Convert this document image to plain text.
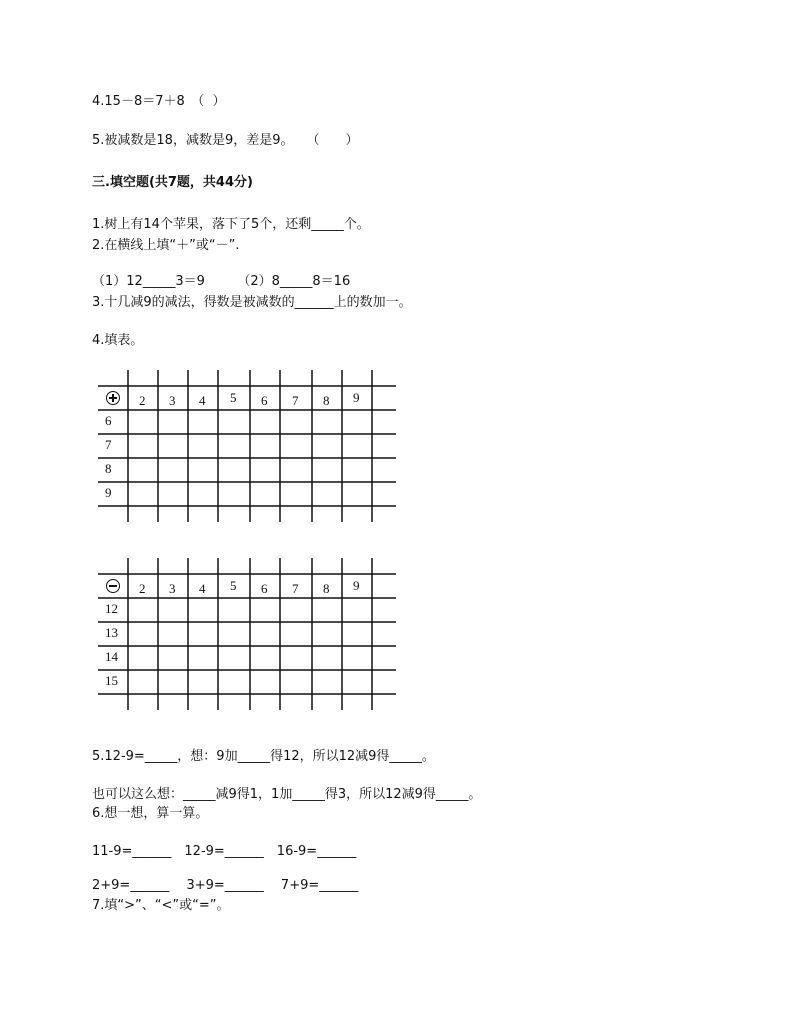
4.15－8＝7＋8　（  ）
5.被减数是18，减数是9，差是9。　　（　　）
三.填空题(共7题，共44分)
1.树上有14个苹果，落下了5个，还剩_____个。
2.在横线上填“＋”或“－”.
（1）12_____3＝9　　　（2）8_____8＝16
3.十几减9的减法，得数是被减数的______上的数加一。
4.填表。
2 3 4 5 6 7 8 9
6
7
8
9
2 3 4 5 6 7 8 9
12
13
14
15
5.12-9=_____，想：9加_____得12，所以12减9得_____。
也可以这么想：_____减9得1，1加_____得3，所以12减9得_____。
6.想一想，算一算。
11-9=______　12-9=______　16-9=______
2+9=______　 3+9=______　 7+9=______
7.填“>”、“<”或“=”。
